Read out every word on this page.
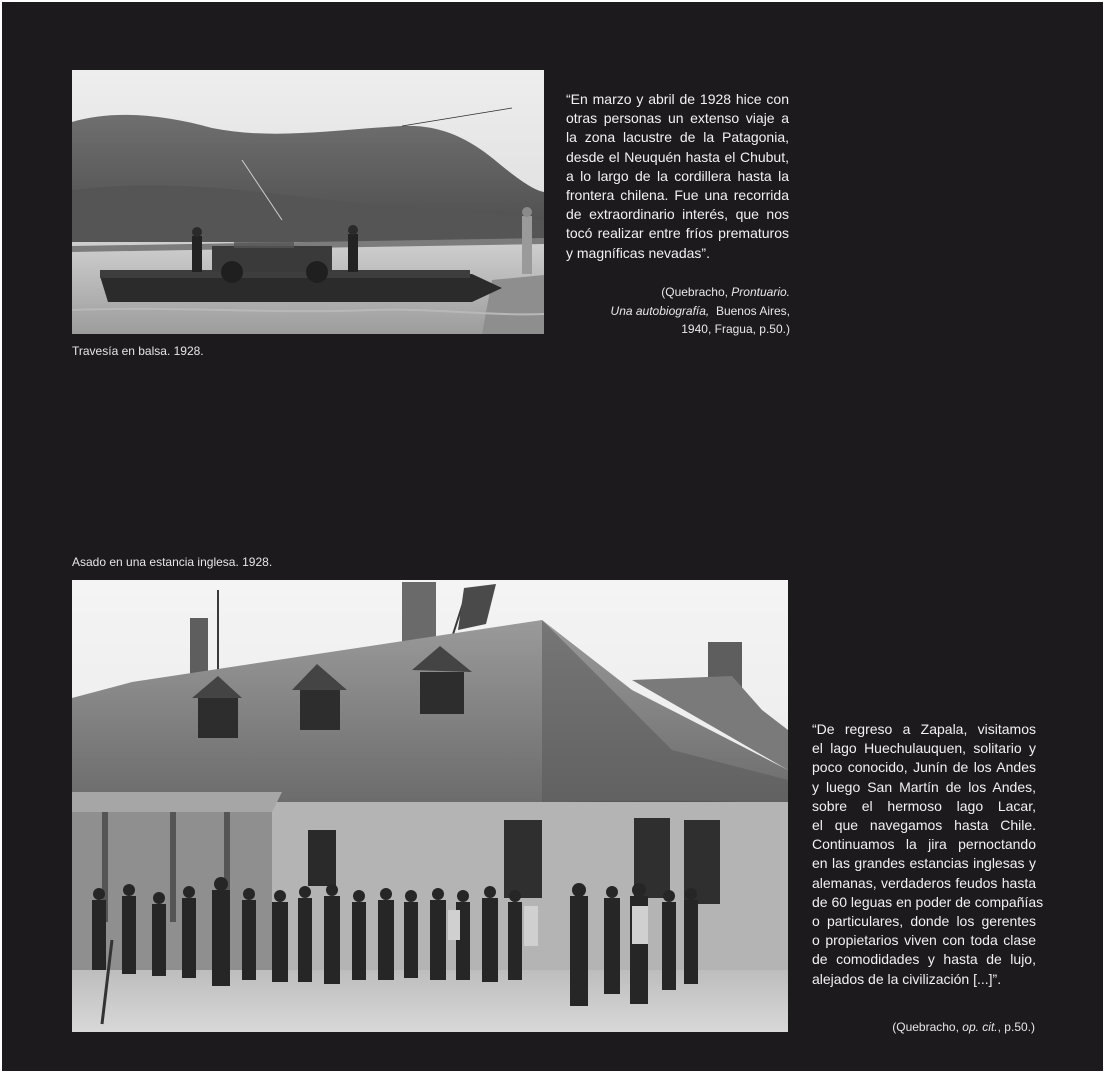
Travesía en balsa. 1928.
“En marzo y abril de 1928 hice con
otras personas un extenso viaje a
la zona lacustre de la Patagonia,
desde el Neuquén hasta el Chubut,
a lo largo de la cordillera hasta la
frontera chilena. Fue una recorrida
de extraordinario interés, que nos
tocó realizar entre fríos prematuros
y magníficas nevadas”.
(Quebracho, Prontuario.
Una autobiografía,  Buenos Aires,
1940, Fragua, p.50.)
Asado en una estancia inglesa. 1928.
“De regreso a Zapala, visitamos
el lago Huechulauquen, solitario y
poco conocido, Junín de los Andes
y luego San Martín de los Andes,
sobre el hermoso lago Lacar,
el que navegamos hasta Chile.
Continuamos la jira pernoctando
en las grandes estancias inglesas y
alemanas, verdaderos feudos hasta
de 60 leguas en poder de compañías
o particulares, donde los gerentes
o propietarios viven con toda clase
de comodidades y hasta de lujo,
alejados de la civilización [...]”.
(Quebracho, op. cit., p.50.)
